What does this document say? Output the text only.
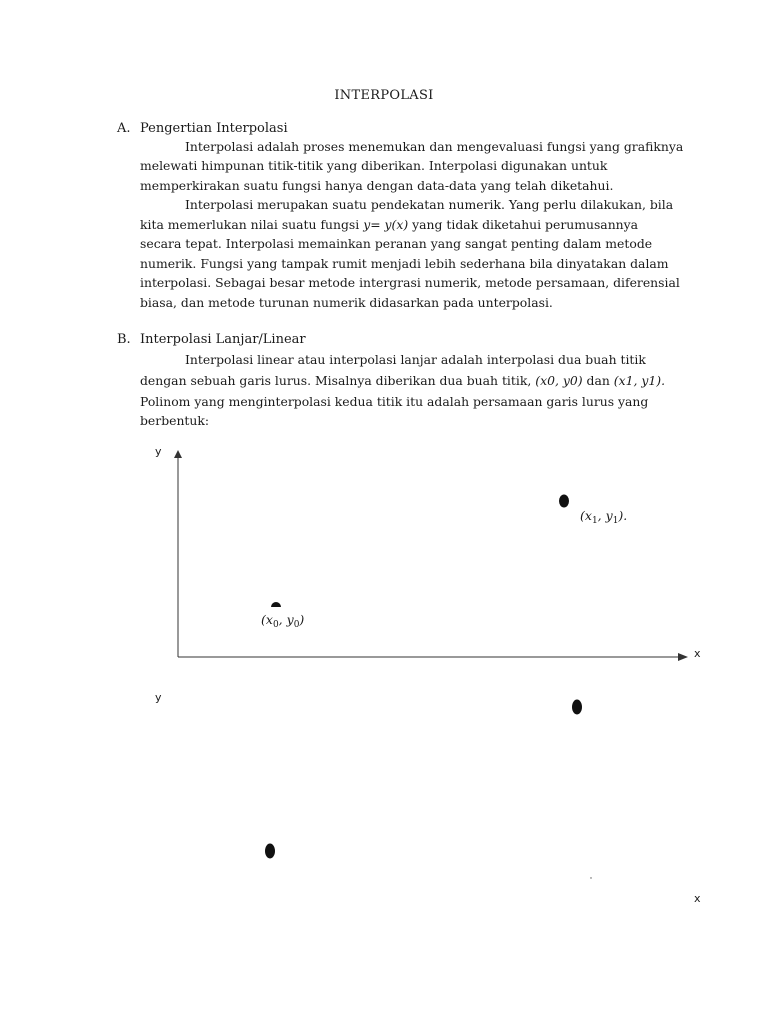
INTERPOLASI
A. Pengertian Interpolasi
Interpolasi adalah proses menemukan dan mengevaluasi fungsi yang grafiknya
melewati himpunan titik-titik yang diberikan. Interpolasi digunakan untuk
memperkirakan suatu fungsi hanya dengan data-data yang telah diketahui.
Interpolasi merupakan suatu pendekatan numerik. Yang perlu dilakukan, bila
kita memerlukan nilai suatu fungsi y= y(x) yang tidak diketahui perumusannya
secara tepat. Interpolasi memainkan peranan yang sangat penting dalam metode
numerik. Fungsi yang tampak rumit menjadi lebih sederhana bila dinyatakan dalam
interpolasi. Sebagai besar metode intergrasi numerik, metode persamaan, diferensial
biasa, dan metode turunan numerik didasarkan pada unterpolasi.
B. Interpolasi Lanjar/Linear
Interpolasi linear atau interpolasi lanjar adalah interpolasi dua buah titik
dengan sebuah garis lurus. Misalnya diberikan dua buah titik, (x0, y0) dan (x1, y1).
Polinom yang menginterpolasi kedua titik itu adalah persamaan garis lurus yang
berbentuk:
y
x
($x_1$, $y_1$).
($x_0$, $y_0$)
y
x
